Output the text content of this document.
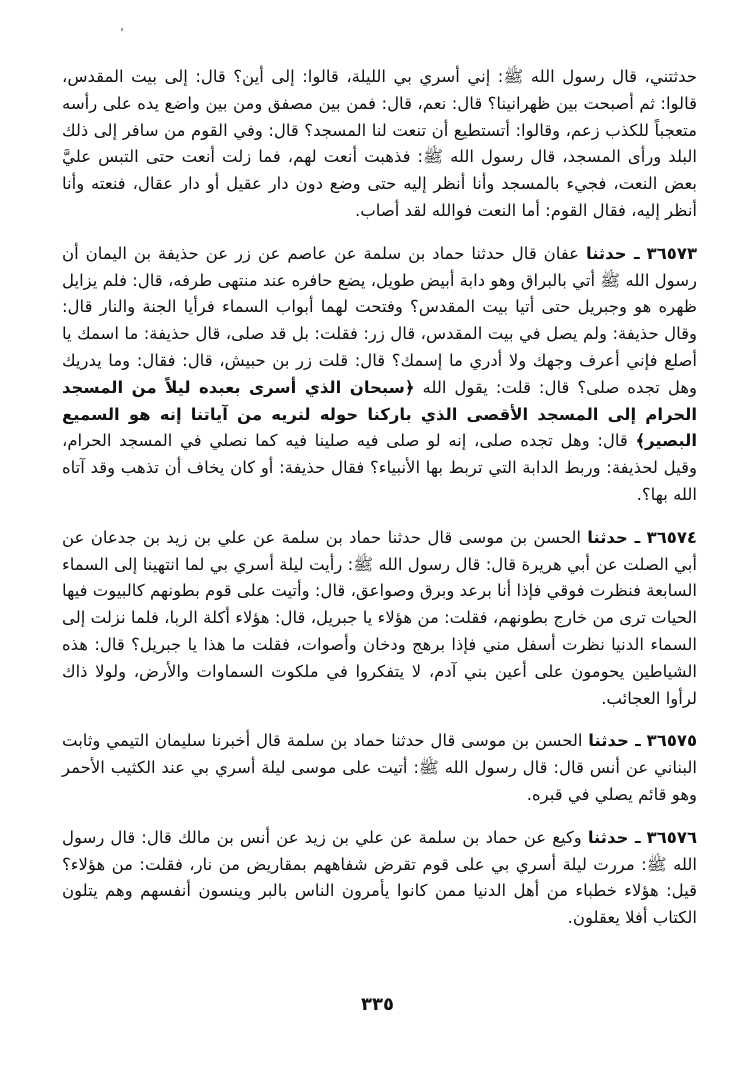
حدثتني، قال رسول الله ﷺ: إني أسري بي الليلة، قالوا: إلى أين؟ قال: إلى بيت المقدس، قالوا: ثم أصبحت بين ظهرانينا؟ قال: نعم، قال: فمن بين مصفق ومن بين واضع يده على رأسه متعجباً للكذب زعم، وقالوا: أتستطيع أن تنعت لنا المسجد؟ قال: وفي القوم من سافر إلى ذلك البلد ورأى المسجد، قال رسول الله ﷺ: فذهبت أنعت لهم، فما زلت أنعت حتى التبس عليَّ بعض النعت، فجيء بالمسجد وأنا أنظر إليه حتى وضع دون دار عقيل أو دار عقال، فنعته وأنا أنظر إليه، فقال القوم: أما النعت فوالله لقد أصاب.

٣٦٥٧٣ ـ حدثنا عفان قال حدثنا حماد بن سلمة عن عاصم عن زر عن حذيفة بن اليمان أن رسول الله ﷺ أتي بالبراق وهو دابة أبيض طويل، يضع حافره عند منتهى طرفه، قال: فلم يزايل ظهره هو وجبريل حتى أتيا بيت المقدس؟ وفتحت لهما أبواب السماء فرأيا الجنة والنار قال: وقال حذيفة: ولم يصل في بيت المقدس، قال زر: فقلت: بل قد صلى، قال حذيفة: ما اسمك يا أصلع فإني أعرف وجهك ولا أدري ما إسمك؟ قال: قلت زر بن حبيش، قال: فقال: وما يدريك وهل تجده صلى؟ قال: قلت: يقول الله ﴿سبحان الذي أسرى بعبده ليلاً من المسجد الحرام إلى المسجد الأقصى الذي باركنا حوله لنريه من آياتنا إنه هو السميع البصير﴾ قال: وهل تجده صلى، إنه لو صلى فيه صلينا فيه كما نصلي في المسجد الحرام، وقيل لحذيفة: وربط الدابة التي تربط بها الأنبياء؟ فقال حذيفة: أو كان يخاف أن تذهب وقد آتاه الله بها؟.

٣٦٥٧٤ ـ حدثنا الحسن بن موسى قال حدثنا حماد بن سلمة عن علي بن زيد بن جدعان عن أبي الصلت عن أبي هريرة قال: قال رسول الله ﷺ: رأيت ليلة أسري بي لما انتهينا إلى السماء السابعة فنظرت فوقي فإذا أنا برعد وبرق وصواعق، قال: وأتيت على قوم بطونهم كالبيوت فيها الحيات ترى من خارج بطونهم، فقلت: من هؤلاء يا جبريل، قال: هؤلاء أكلة الربا، فلما نزلت إلى السماء الدنيا نظرت أسفل مني فإذا برهج ودخان وأصوات، فقلت ما هذا يا جبريل؟ قال: هذه الشياطين يحومون على أعين بني آدم، لا يتفكروا في ملكوت السماوات والأرض، ولولا ذاك لرأوا العجائب.

٣٦٥٧٥ ـ حدثنا الحسن بن موسى قال حدثنا حماد بن سلمة قال أخبرنا سليمان التيمي وثابت البناني عن أنس قال: قال رسول الله ﷺ: أتيت على موسى ليلة أسري بي عند الكثيب الأحمر وهو قائم يصلي في قبره.

٣٦٥٧٦ ـ حدثنا وكيع عن حماد بن سلمة عن علي بن زيد عن أنس بن مالك قال: قال رسول الله ﷺ: مررت ليلة أسري بي على قوم تقرض شفاههم بمقاريض من نار، فقلت: من هؤلاء؟ قيل: هؤلاء خطباء من أهل الدنيا ممن كانوا يأمرون الناس بالبر وينسون أنفسهم وهم يتلون الكتاب أفلا يعقلون.

٣٣٥
